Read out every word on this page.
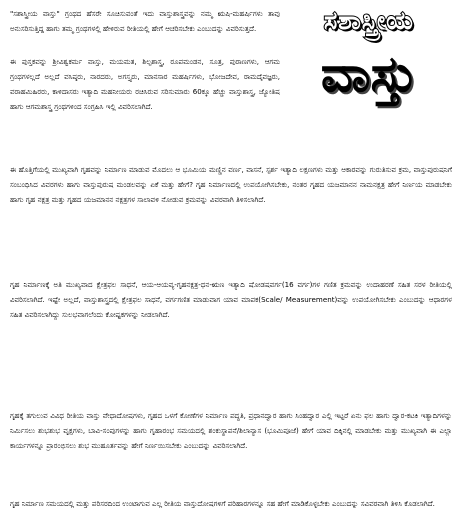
ಸಶಾಸ್ತ್ರೀಯ
ವಾಸ್ತು

"ಸಶಾಸ್ತ್ರೀಯ ವಾಸ್ತು" ಗ್ರಂಥದ ಹೆಸರೇ ಸೂಚಿಸುವಂತೆ ಇದು ವಾಸ್ತುಶಾಸ್ತ್ರವನ್ನು ನಮ್ಮ ಋಷಿ-ಮಹರ್ಷಿಗಳು ತಾವು ಅನುಸರಿಸುತ್ತಿದ್ದ ಹಾಗು ತಮ್ಮ ಗ್ರಂಥಗಳಲ್ಲಿ ಹೇಳಿರುವ ರೀತಿಯಲ್ಲಿ ಹೇಗೆ ಆಚರಿಸಬೇಕು ಎಂಬುದನ್ನು ವಿವರಿಸುತ್ತದೆ.

ಈ ಪುಸ್ತಕವನ್ನು ಶ್ರೀವಿಶ್ವಕರ್ಮ ವಾಸ್ತು, ಮಯಮತ, ಶಿಲ್ಪಶಾಸ್ತ್ರ, ರೂಪಮಂಡನ, ಸೂತ್ರ, ಪುರಾಣಗಳು, ಆಗಮ ಗ್ರಂಥಗಳಲ್ಲದೆ ಅಲ್ಲದೆ ವಸಿಷ್ಠರು, ನಾರದರು, ಅಗಸ್ತ್ಯರು, ಮಾನಸಾರ ಮಹರ್ಷಿಗಳು, ಭೋಜದೇವ, ರಾಮದೈವಜ್ಞರು, ವರಾಹಮಿಹಿರರು, ಕಾಳಿದಾಸರು ಇತ್ಯಾದಿ ಮಹನೀಯರು ರಚಿಸಿರುವ ಸರಿಸುಮಾರು 60ಕ್ಕೂ ಹೆಚ್ಚು ವಾಸ್ತುಶಾಸ್ತ್ರ, ಜ್ಯೋತಿಷ ಹಾಗು ಆಗಮಶಾಸ್ತ್ರ ಗ್ರಂಥಗಳಿಂದ ಸಂಗ್ರಹಿಸಿ ಇಲ್ಲಿ ವಿವರಿಸಲಾಗಿದೆ.

ಈ ಹೊತ್ತಿಗೆಯಲ್ಲಿ ಮುಖ್ಯವಾಗಿ ಗೃಹವನ್ನು ನಿರ್ಮಾಣ ಮಾಡುವ ಮೊದಲು ಆ ಭೂಮಿಯ ಮಣ್ಣಿನ ವರ್ಣ, ವಾಸನೆ, ಸ್ಪರ್ಶ ಇತ್ಯಾದಿ ಲಕ್ಷಣಗಳು ಮತ್ತು ಆಕಾರವನ್ನು ಗುರುತಿಸುವ ಕ್ರಮ, ವಾಸ್ತುಪುರುಷನಿಗೆ ಸಂಬಂಧಿಸಿದ ವಿವರಗಳು ಹಾಗು ವಾಸ್ತುಪುರುಷ ಮಂಡಲವನ್ನು ಏಕೆ ಮತ್ತು ಹೇಗೆ? ಗೃಹ ನಿರ್ಮಾಣದಲ್ಲಿ ಉಪಯೋಗಿಸಬೇಕು, ನಂತರ ಗೃಹದ ಯಜಮಾನನ ನಾಮನಕ್ಷತ್ರ ಹೇಗೆ ನಿರ್ಣಯ ಮಾಡಬೇಕು ಹಾಗು ಗೃಹ ನಕ್ಷತ್ರ ಮತ್ತು ಗೃಹದ ಯಜಮಾನನ ನಕ್ಷತ್ರಗಳ ಸಾಲಾವಳಿ ನೋಡುವ ಕ್ರಮವನ್ನು ವಿವರವಾಗಿ ತಿಳಿಸಲಾಗಿದೆ.

ಗೃಹ ನಿರ್ಮಾಣಕ್ಕೆ ಅತಿ ಮುಖ್ಯವಾದ ಕ್ಷೇತ್ರಫಲ ಸಾಧನೆ, ಆಯ-ಆಯವ್ಯ-ಗೃಹನಕ್ಷತ್ರ-ಧನ-ಋಣ ಇತ್ಯಾದಿ ಷೋಡಷವರ್ಗ(16 ವರ್ಗ)ಗಳ ಗಣಿತ ಕ್ರಮವನ್ನು ಉದಾಹರಣೆ ಸಹಿತ ಸರಳ ರೀತಿಯಲ್ಲಿ ವಿವರಿಸಲಾಗಿದೆ. ಇಷ್ಟೇ ಅಲ್ಲದೆ, ವಾಸ್ತುಶಾಸ್ತ್ರದಲ್ಲಿ ಕ್ಷೇತ್ರಫಲ ಸಾಧನೆ, ವರ್ಗಗಣಿತ ಮಾಡುವಾಗ ಯಾವ ಮಾಪಕ(Scale/ Measurement)ವನ್ನು ಉಪಯೋಗಿಸಬೇಕು ಎಂಬುದನ್ನು ಆಧಾರಗಳ ಸಹಿತ ವಿವರಿಸಲಾಗಿದ್ದು ಸುಲಭವಾಗಲೆಂದು ಕೋಷ್ಟಕಗಳನ್ನು ನೀಡಲಾಗಿದೆ.

ಗೃಹಕ್ಕೆ ತಗುಲುವ ವಿವಿಧ ರೀತಿಯ ವಾಸ್ತು ವೇಧಾದೋಷಗಳು, ಗೃಹದ ಒಳಗೆ ಕೋಣೆಗಳ ನಿರ್ಮಾಣ ಪದ್ಧತಿ, ಪ್ರಧಾನದ್ವಾರ ಹಾಗು ಸಿಂಹದ್ವಾರ ಎಲ್ಲಿ ಇಟ್ಟರೆ ಏನು ಫಲ ಹಾಗು ದ್ವಾರ-ಕಟಕಿ ಇತ್ಯಾದಿಗಳನ್ನು ನಿರ್ಮಿಸಲು ಶುಭಶುಭ ವೃಕ್ಷಗಳು, ಬಾವಿ-ಸಂಪುಗಳನ್ನು ಹಾಗು ಗೃಹಾರಂಭ ಸಮಯದಲ್ಲಿ ಶಂಕುಸ್ಥಾಪನೆ/ಶಿಲಾನ್ಯಾಸ (ಭೂಮಿಪೂಜೆ) ಹೇಗೆ ಯಾವ ದಿಕ್ಕಿನಲ್ಲಿ ಮಾಡಬೇಕು ಮತ್ತು ಮುಖ್ಯವಾಗಿ ಈ ಎಲ್ಲಾ ಕಾರ್ಯಗಳನ್ನೂ ಪ್ರಾರಂಭಿಸಲು ಶುಭ ಮುಹೂರ್ತವನ್ನು ಹೇಗೆ ನಿರ್ಣಯಿಸಬೇಕು ಎಂಬುದನ್ನು ವಿವರಿಸಲಾಗಿದೆ.

ಗೃಹ ನಿರ್ಮಾಣ ಸಮಯದಲ್ಲಿ ಮತ್ತು ಪರಿಸರದಿಂದ ಉಂಟಾಗುವ ಎಲ್ಲ ರೀತಿಯ ವಾಸ್ತುದೋಷಗಳಿಗೆ ಪರಿಹಾರಗಳನ್ನೂ ಸಹ ಹೇಗೆ ಮಾಡಿಕೊಳ್ಳಬೇಕು ಎಂಬುದನ್ನು ಸವಿವರವಾಗಿ ತಿಳಿಸಿ ಕೊಡಲಾಗಿದೆ.
